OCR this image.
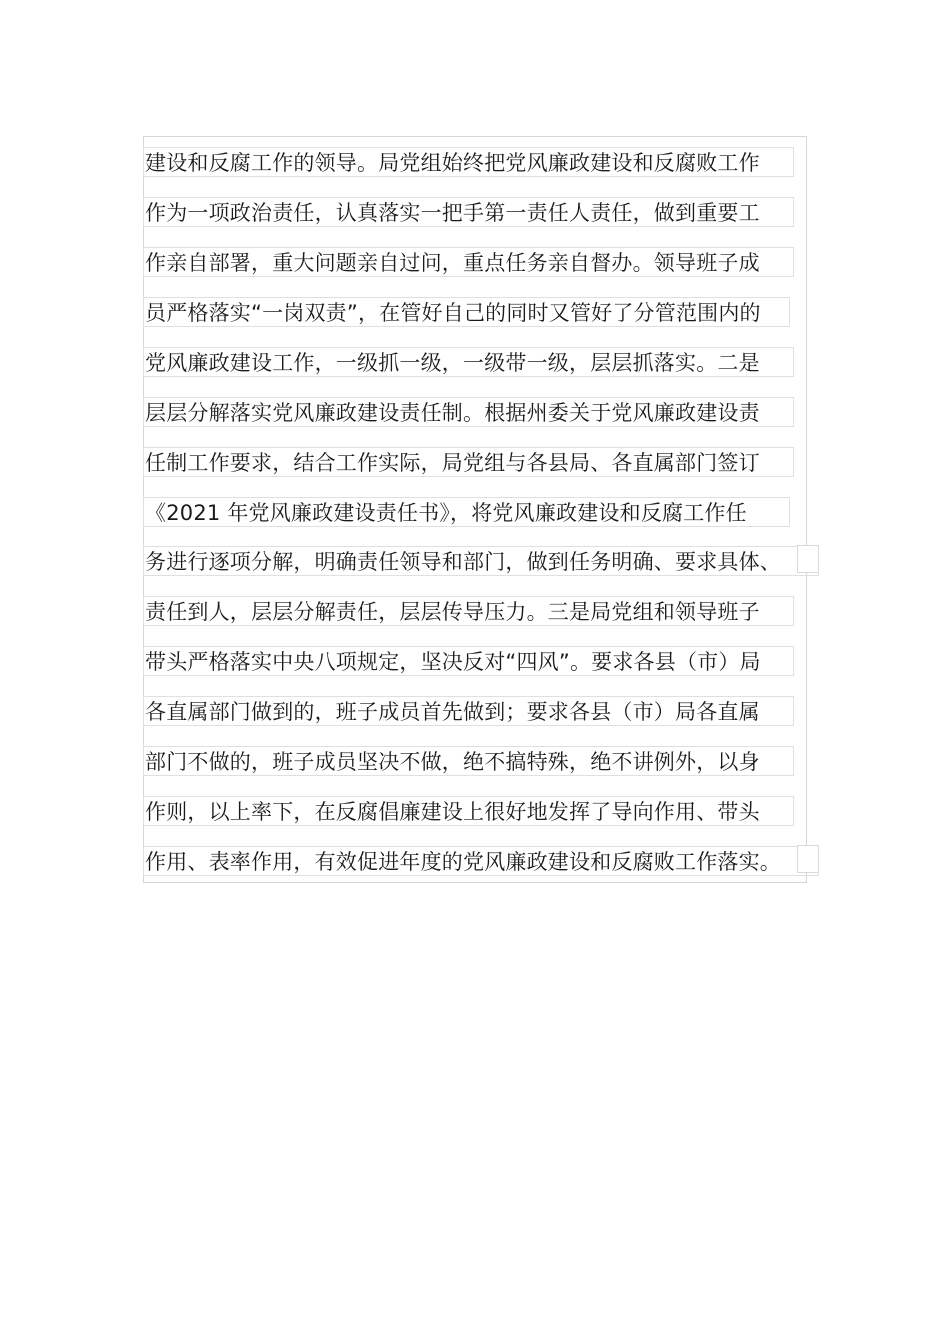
建设和反腐工作的领导。局党组始终把党风廉政建设和反腐败工作
作为一项政治责任，认真落实一把手第一责任人责任，做到重要工
作亲自部署，重大问题亲自过问，重点任务亲自督办。领导班子成
员严格落实“一岗双责”，在管好自己的同时又管好了分管范围内的
党风廉政建设工作，一级抓一级，一级带一级，层层抓落实。二是
层层分解落实党风廉政建设责任制。根据州委关于党风廉政建设责
任制工作要求，结合工作实际，局党组与各县局、各直属部门签订
《2021 年党风廉政建设责任书》，将党风廉政建设和反腐工作任
务进行逐项分解，明确责任领导和部门，做到任务明确、要求具体、
责任到人，层层分解责任，层层传导压力。三是局党组和领导班子
带头严格落实中央八项规定，坚决反对“四风”。要求各县（市）局
各直属部门做到的，班子成员首先做到；要求各县（市）局各直属
部门不做的，班子成员坚决不做，绝不搞特殊，绝不讲例外，以身
作则，以上率下，在反腐倡廉建设上很好地发挥了导向作用、带头
作用、表率作用，有效促进年度的党风廉政建设和反腐败工作落实。
